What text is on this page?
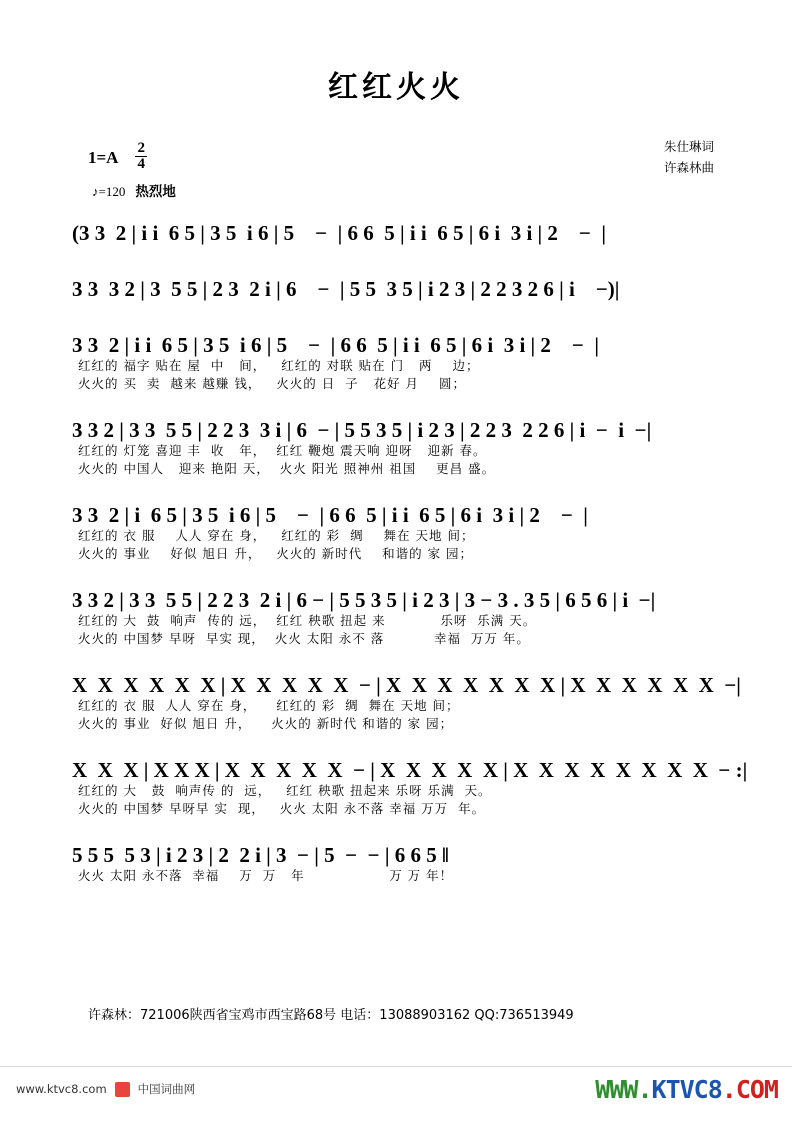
红红火火
$1=A \frac{2}{4}$	朱仕琳词
许森林曲
♪=120 热烈地
(3 3  2 | i i  6 5 | 3 5  i 6 | 5    −  | 6 6  5 | i i  6 5 | 6 i  3 i | 2    −  |
3 3  3 2 | 3  5 5 | 2 3  2 i | 6    −  | 5 5  3 5 | i 2 3 | 2 2 3 2 6 | i    −)|
3 3  2 | i i  6 5 | 3 5  i 6 | 5    −  | 6 6  5 | i i  6 5 | 6 i  3 i | 2    −  |
红红的 福字 贴在 屋  中   间，   红红的 对联 贴在 门   两    边；
火火的 买  卖  越来 越赚 钱，   火火的 日  子   花好 月    圆；
3 3 2 | 3 3  5 5 | 2 2 3  3 i | 6  − | 5 5 3 5 | i 2 3 | 2 2 3  2 2 6 | i  −  i  −|
红红的 灯笼 喜迎 丰  收   年，  红红 鞭炮 震天响 迎呀   迎新 春。
火火的 中国人   迎来 艳阳 天，  火火 阳光 照神州 祖国    更昌 盛。
3 3  2 | i  6 5 | 3 5  i 6 | 5    −  | 6 6  5 | i i  6 5 | 6 i  3 i | 2    −  |
红红的 衣 服    人人 穿在 身，   红红的 彩  绸    舞在 天地 间；
火火的 事业    好似 旭日 升，   火火的 新时代    和谐的 家 园；
3 3 2 | 3 3  5 5 | 2 2 3  2 i | 6 − | 5 5 3 5 | i 2 3 | 3 − 3 . 3 5 | 6 5 6 | i  −|
红红的 大  鼓  响声  传的 远，  红红 秧歌 扭起 来           乐呀  乐满 天。
火火的 中国梦 早呀  早实 现，  火火 太阳 永不 落          幸福  万万 年。
X  X  X  X  X  X | X  X  X  X  X  − | X  X  X  X  X  X  X | X  X  X  X  X  X  −|
红红的 衣 服  人人 穿在 身，    红红的 彩  绸  舞在 天地 间；
火火的 事业  好似 旭日 升，    火火的 新时代 和谐的 家 园；
X  X  X | X X X | X  X  X  X  X  − | X  X  X  X  X | X  X  X  X  X  X  X  X  − :|
红红的 大   鼓  响声传 的  远，   红红 秧歌 扭起来 乐呀 乐满  天。
火火的 中国梦 早呀早 实  现，   火火 太阳 永不落 幸福 万万  年。
5 5 5  5 3 | i 2 3 | 2  2 i | 3  − | 5  −  − | 6 6 5 ‖
火火 太阳 永不落  幸福    万  万   年                 万 万 年！
许森林：721006陕西省宝鸡市西宝路68号 电话：13088903162 QQ:736513949
www.ktvc8.com	中国词曲网	WWW.KTVC8.COM
